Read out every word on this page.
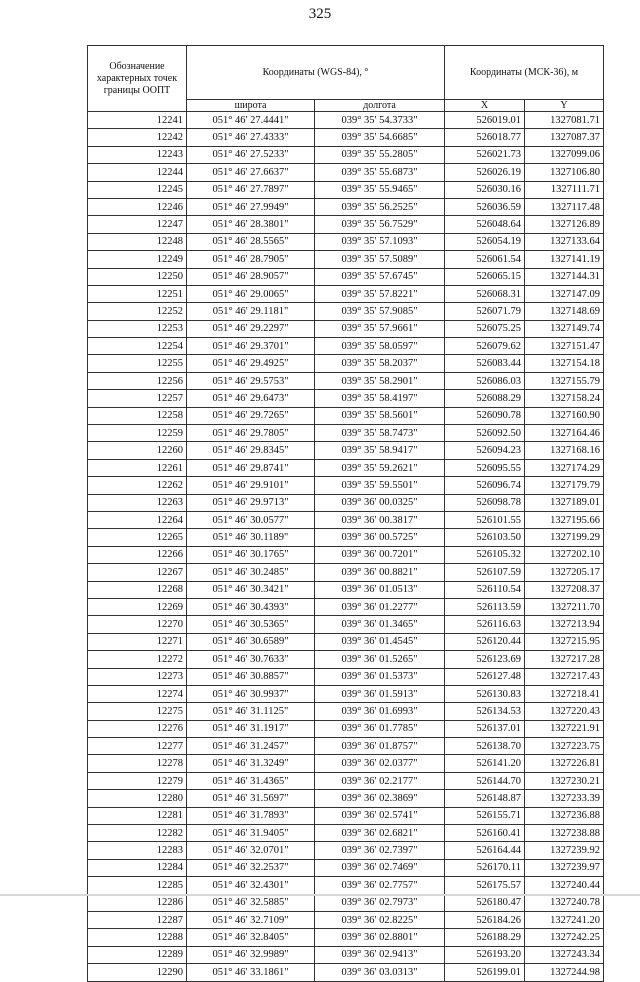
325
Обозначение характерных точек границы ООПТ	Координаты (WGS-84), °		Координаты (МСК-36), м	
	широта	долгота	X	Y
12241	051° 46' 27.4441"	039° 35' 54.3733"	526019.01	1327081.71
12242	051° 46' 27.4333"	039° 35' 54.6685"	526018.77	1327087.37
12243	051° 46' 27.5233"	039° 35' 55.2805"	526021.73	1327099.06
12244	051° 46' 27.6637"	039° 35' 55.6873"	526026.19	1327106.80
12245	051° 46' 27.7897"	039° 35' 55.9465"	526030.16	1327111.71
12246	051° 46' 27.9949"	039° 35' 56.2525"	526036.59	1327117.48
12247	051° 46' 28.3801"	039° 35' 56.7529"	526048.64	1327126.89
12248	051° 46' 28.5565"	039° 35' 57.1093"	526054.19	1327133.64
12249	051° 46' 28.7905"	039° 35' 57.5089"	526061.54	1327141.19
12250	051° 46' 28.9057"	039° 35' 57.6745"	526065.15	1327144.31
12251	051° 46' 29.0065"	039° 35' 57.8221"	526068.31	1327147.09
12252	051° 46' 29.1181"	039° 35' 57.9085"	526071.79	1327148.69
12253	051° 46' 29.2297"	039° 35' 57.9661"	526075.25	1327149.74
12254	051° 46' 29.3701"	039° 35' 58.0597"	526079.62	1327151.47
12255	051° 46' 29.4925"	039° 35' 58.2037"	526083.44	1327154.18
12256	051° 46' 29.5753"	039° 35' 58.2901"	526086.03	1327155.79
12257	051° 46' 29.6473"	039° 35' 58.4197"	526088.29	1327158.24
12258	051° 46' 29.7265"	039° 35' 58.5601"	526090.78	1327160.90
12259	051° 46' 29.7805"	039° 35' 58.7473"	526092.50	1327164.46
12260	051° 46' 29.8345"	039° 35' 58.9417"	526094.23	1327168.16
12261	051° 46' 29.8741"	039° 35' 59.2621"	526095.55	1327174.29
12262	051° 46' 29.9101"	039° 35' 59.5501"	526096.74	1327179.79
12263	051° 46' 29.9713"	039° 36' 00.0325"	526098.78	1327189.01
12264	051° 46' 30.0577"	039° 36' 00.3817"	526101.55	1327195.66
12265	051° 46' 30.1189"	039° 36' 00.5725"	526103.50	1327199.29
12266	051° 46' 30.1765"	039° 36' 00.7201"	526105.32	1327202.10
12267	051° 46' 30.2485"	039° 36' 00.8821"	526107.59	1327205.17
12268	051° 46' 30.3421"	039° 36' 01.0513"	526110.54	1327208.37
12269	051° 46' 30.4393"	039° 36' 01.2277"	526113.59	1327211.70
12270	051° 46' 30.5365"	039° 36' 01.3465"	526116.63	1327213.94
12271	051° 46' 30.6589"	039° 36' 01.4545"	526120.44	1327215.95
12272	051° 46' 30.7633"	039° 36' 01.5265"	526123.69	1327217.28
12273	051° 46' 30.8857"	039° 36' 01.5373"	526127.48	1327217.43
12274	051° 46' 30.9937"	039° 36' 01.5913"	526130.83	1327218.41
12275	051° 46' 31.1125"	039° 36' 01.6993"	526134.53	1327220.43
12276	051° 46' 31.1917"	039° 36' 01.7785"	526137.01	1327221.91
12277	051° 46' 31.2457"	039° 36' 01.8757"	526138.70	1327223.75
12278	051° 46' 31.3249"	039° 36' 02.0377"	526141.20	1327226.81
12279	051° 46' 31.4365"	039° 36' 02.2177"	526144.70	1327230.21
12280	051° 46' 31.5697"	039° 36' 02.3869"	526148.87	1327233.39
12281	051° 46' 31.7893"	039° 36' 02.5741"	526155.71	1327236.88
12282	051° 46' 31.9405"	039° 36' 02.6821"	526160.41	1327238.88
12283	051° 46' 32.0701"	039° 36' 02.7397"	526164.44	1327239.92
12284	051° 46' 32.2537"	039° 36' 02.7469"	526170.11	1327239.97
12285	051° 46' 32.4301"	039° 36' 02.7757"	526175.57	1327240.44
12286	051° 46' 32.5885"	039° 36' 02.7973"	526180.47	1327240.78
12287	051° 46' 32.7109"	039° 36' 02.8225"	526184.26	1327241.20
12288	051° 46' 32.8405"	039° 36' 02.8801"	526188.29	1327242.25
12289	051° 46' 32.9989"	039° 36' 02.9413"	526193.20	1327243.34
12290	051° 46' 33.1861"	039° 36' 03.0313"	526199.01	1327244.98
